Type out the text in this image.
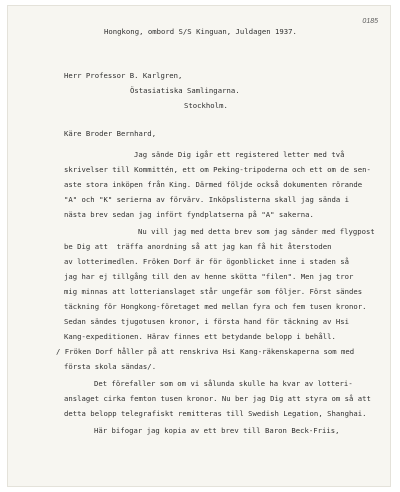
0185
Hongkong, ombord S/S Kinguan, Juldagen 1937.
Herr Professor B. Karlgren,
Östasiatiska Samlingarna.
Stockholm.
Käre Broder Bernhard,
Jag sände Dig igår ett registered letter med två
skrivelser till Kommittén, ett om Peking-tripoderna och ett om de sen-
aste stora inköpen från King. Därmed följde också dokumenten rörande
"A" och "K" serierna av förvärv. Inköpslisterna skall jag sända i
nästa brev sedan jag infört fyndplatserna på "A" sakerna.
Nu vill jag med detta brev som jag sänder med flygpost
be Dig att  träffa anordning så att jag kan få hit återstoden
av lotterimedlen. Fröken Dorf är för ögonblicket inne i staden så
jag har ej tillgång till den av henne skötta "filen". Men jag tror
mig minnas att lotterianslaget står ungefär som följer. Först sändes
täckning för Hongkong-företaget med mellan fyra och fem tusen kronor.
Sedan sändes tjugotusen kronor, i första hand för täckning av Hsi
Kang-expeditionen. Härav finnes ett betydande belopp i behåll.
/ Fröken Dorf håller på att renskriva Hsi Kang-räkenskaperna som med
första skola sändas/.
Det förefaller som om vi sålunda skulle ha kvar av lotteri-
anslaget cirka femton tusen kronor. Nu ber jag Dig att styra om så att
detta belopp telegrafiskt remitteras till Swedish Legation, Shanghai.
Här bifogar jag kopia av ett brev till Baron Beck-Friis,
